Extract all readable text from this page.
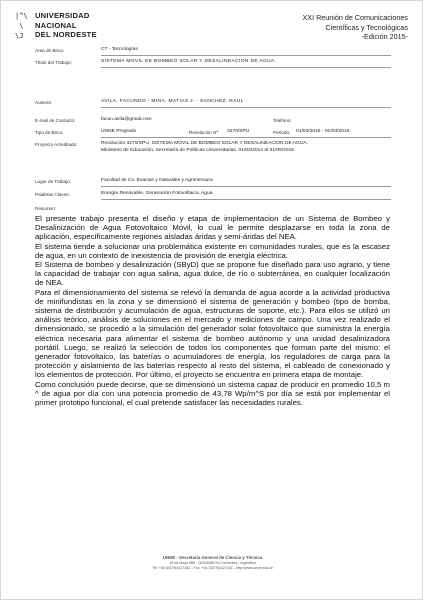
|^\
\
\J
UNIVERSIDAD
NACIONAL
DEL NORDESTE
XXI Reunión de Comunicaciones
Científicas y Tecnológicas
-Edición 2015-
Area de Beca:	CT - Tecnologías
Título del Trabajo:	SISTEMA MOVIL DE BOMBEO SOLAR Y DESALINEACION DE AGUA.
Autores:	AVILA, FACUNDO - MINA, MATIAS J. - SANCHEZ, RAUL
E-mail de Contacto:	facun.avila@gmail.com	Teléfono:
Tipo de Beca:	UNNE Pregrado	Resolución Nº: 3270/SPU	Período: 01/03/2015 - 01/03/2016
Proyecto Acreditado:	Resolución 3270/SPU, SISTEMA MOVIL DE BOMBEO SOLAR Y DESALINEACION DE AGUA,
Ministerio de Educación, Secretaría de Políticas Universitarias. 01/03/2014 al 31/09/2015
Lugar de Trabajo:	Facultad de Cs. Exactas y Naturales y Agrimensura
Palabras Claves:	Energía Renovable, Generación Fotovoltaica, Agua
Resumen:

El presente trabajo presenta el diseño y etapa de implementacion de un Sistema de Bombeo y Desalinización de Agua Fotovoltaico Móvil, lo cual le permite desplazarse en toda la zona de aplicación, específicamente regiones aisladas áridas y semi-áridas del NEA.

El sistema tiende a solucionar una problemática existente en comunidades rurales, que es la escasez de agua, en un contexto de inexistencia de provisión de energía eléctrica.

El Sistema de bombeo y desalinización (SByD) que se propone fue diseñado para uso agrario, y tiene la capacidad de trabajar con agua salina, agua dulce, de río o subterránea, en cualquier localización de NEA.

Para el dimensionamiento del sistema se relevó la demanda de agua acorde a la actividad productiva de minifundistas en la zona y se dimensionó el sistema de generación y bombeo (tipo de bomba, sistema de distribución y acumulación de agua, estructuras de soporte, etc.). Para ellos se utilizó un análisis teórico, análisis de soluciones en el mercado y mediciones de campo. Una vez realizado el dimensionado, se procedió a la simulación del generador solar fotovoltaico que suministra la energía eléctrica necesaria para alimentar el sistema de bombeo autónomo y una unidad desalinizadora portátil. Luego, se realizó la selección de todos los componentes que forman parte del mismo: el generador fotovoltaico, las baterías o acumuladores de energía, los reguladores de carga para la protección y aislamiento de las baterías respecto al resto del sistema, el cableado de conexionado y los elementos de protección. Por último, el proyecto se encuentra en primera etapa de montaje.

Como conclusión puede decirse, que se dimensionó un sistema capaz de producir en promedio 10,5 m ^ de agua por día con una potencia promedio de 43,78 Wp/m^S por día se está por implementar el primer prototipo funcional, el cual pretende satisfacer las necesidades rurales.

UNNE - Secretaría General de Ciencia y Técnica
25 de Mayo 868 - (W3400BCH) Corrientes - Argentina
Tel: +54 (0379)4427181 - Fax: +54 (0379)4427181 - http://www.unne.edu.ar
